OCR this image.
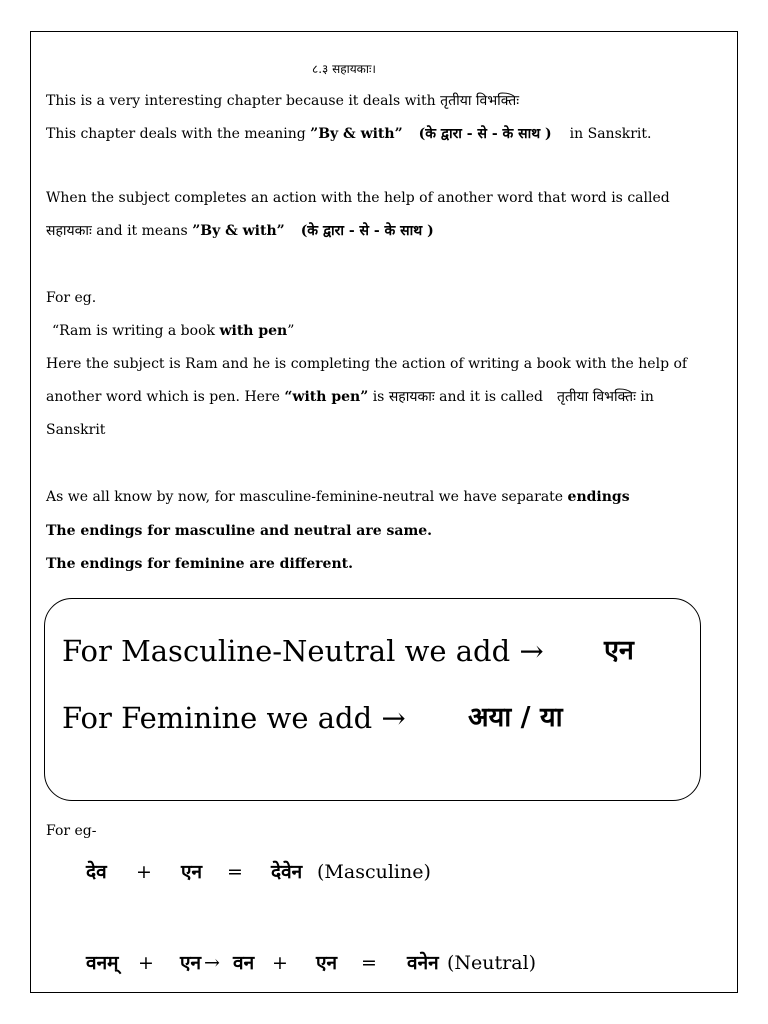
८.३ सहायकाः।
This is a very interesting chapter because it deals with तृतीया विभक्तिः
This chapter deals with the meaning ”By & with” (के द्वारा - से - के साथ ) in Sanskrit.
When the subject completes an action with the help of another word that word is called
सहायकाः and it means ”By & with” (के द्वारा - से - के साथ )
For eg.
“Ram is writing a book with pen”
Here the subject is Ram and he is completing the action of writing a book with the help of
another word which is pen. Here “with pen” is सहायकाः and it is called तृतीया विभक्तिः in
Sanskrit
As we all know by now, for masculine-feminine-neutral we have separate endings
The endings for masculine and neutral are same.
The endings for feminine are different.
For Masculine-Neutral we add → एन
For Feminine we add → अया / या
For eg-
देव + एन = देवेन (Masculine)
वनम् + एन → वन + एन = वनेन (Neutral)
